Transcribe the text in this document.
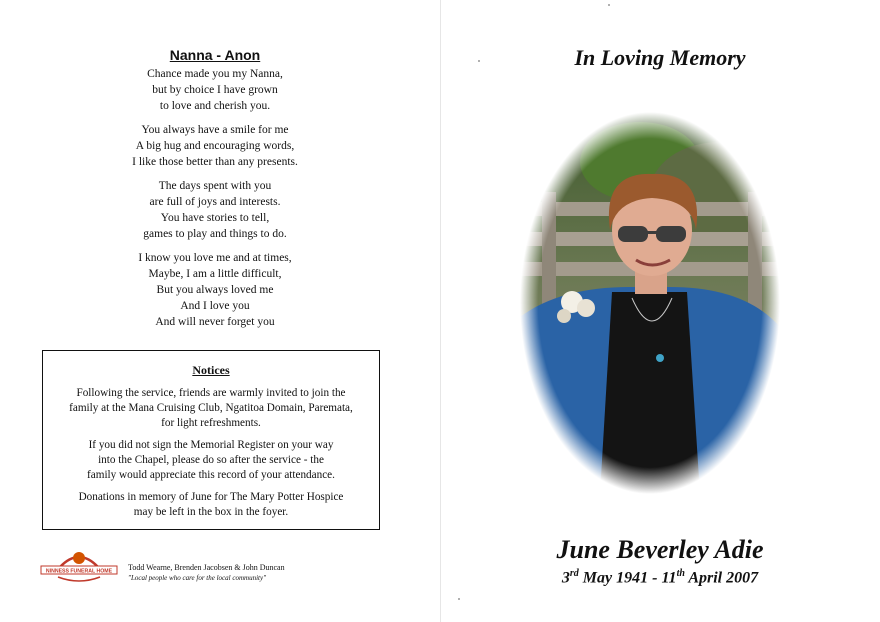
Nanna - Anon
Chance made you my Nanna,
but by choice I have grown
to love and cherish you.
You always have a smile for me
A big hug and encouraging words,
I like those better than any presents.
The days spent with you
are full of joys and interests.
You have stories to tell,
games to play and things to do.
I know you love me and at times,
Maybe, I am a little difficult,
But you always loved me
And I love you
And will never forget you
Notices
Following the service, friends are warmly invited to join the
family at the Mana Cruising Club, Ngatitoa Domain, Paremata,
for light refreshments.
If you did not sign the Memorial Register on your way
into the Chapel, please do so after the service - the
family would appreciate this record of your attendance.
Donations in memory of June for The Mary Potter Hospice
may be left in the box in the foyer.
NINNESS FUNERAL HOME Todd Wearne, Brenden Jacobsen & John Duncan
"Local people who care for the local community"
In Loving Memory
June Beverley Adie
3rd May 1941 - 11th April 2007
